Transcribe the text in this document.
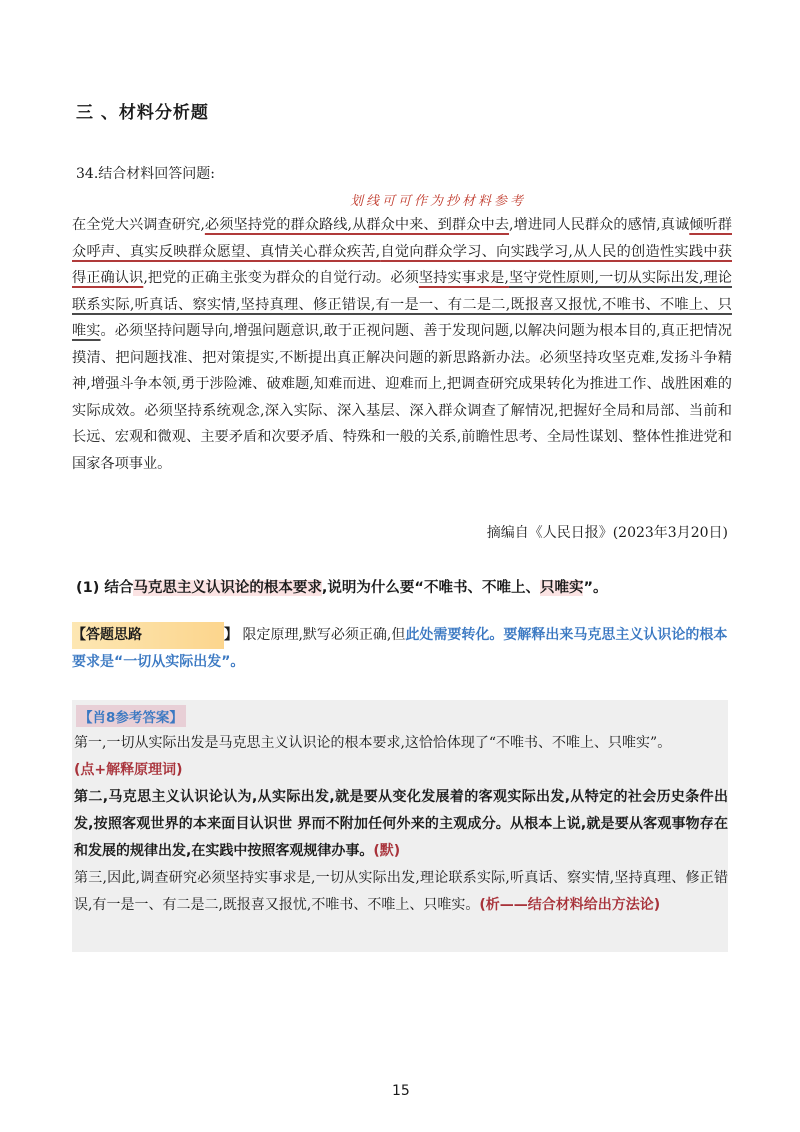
三 、材料分析题
34.结合材料回答问题:
划线可可作为抄材料参考
在全党大兴调查研究,必须坚持党的群众路线,从群众中来、到群众中去,增进同人民群众的感情,真诚倾听群众呼声、真实反映群众愿望、真情关心群众疾苦,自觉向群众学习、向实践学习,从人民的创造性实践中获得正确认识,把党的正确主张变为群众的自觉行动。必须坚持实事求是,坚守党性原则,一切从实际出发,理论联系实际,听真话、察实情,坚持真理、修正错误,有一是一、有二是二,既报喜又报忧,不唯书、不唯上、只唯实。必须坚持问题导向,增强问题意识,敢于正视问题、善于发现问题,以解决问题为根本目的,真正把情况摸清、把问题找准、把对策提实,不断提出真正解决问题的新思路新办法。必须坚持攻坚克难,发扬斗争精神,增强斗争本领,勇于涉险滩、破难题,知难而进、迎难而上,把调查研究成果转化为推进工作、战胜困难的实际成效。必须坚持系统观念,深入实际、深入基层、深入群众调查了解情况,把握好全局和局部、当前和长远、宏观和微观、主要矛盾和次要矛盾、特殊和一般的关系,前瞻性思考、全局性谋划、整体性推进党和国家各项事业。
摘编自《人民日报》(2023年3月20日)
(1) 结合马克思主义认识论的根本要求,说明为什么要“不唯书、不唯上、只唯实”。
【答题思路	】 限定原理,默写必须正确,但此处需要转化。要解释出来马克思主义认识论的根本要求是“一切从实际出发”。
【肖8参考答案】

第一,一切从实际出发是马克思主义认识论的根本要求,这恰恰体现了“不唯书、不唯上、只唯实”。
(点+解释原理词)

第二,马克思主义认识论认为,从实际出发,就是要从变化发展着的客观实际出发,从特定的社会历史条件出发,按照客观世界的本来面目认识世 界而不附加任何外来的主观成分。从根本上说,就是要从客观事物存在和发展的规律出发,在实践中按照客观规律办事。(默)

第三,因此,调查研究必须坚持实事求是,一切从实际出发,理论联系实际,听真话、察实情,坚持真理、修正错误,有一是一、有二是二,既报喜又报忧,不唯书、不唯上、只唯实。(析——结合材料给出方法论)

15
